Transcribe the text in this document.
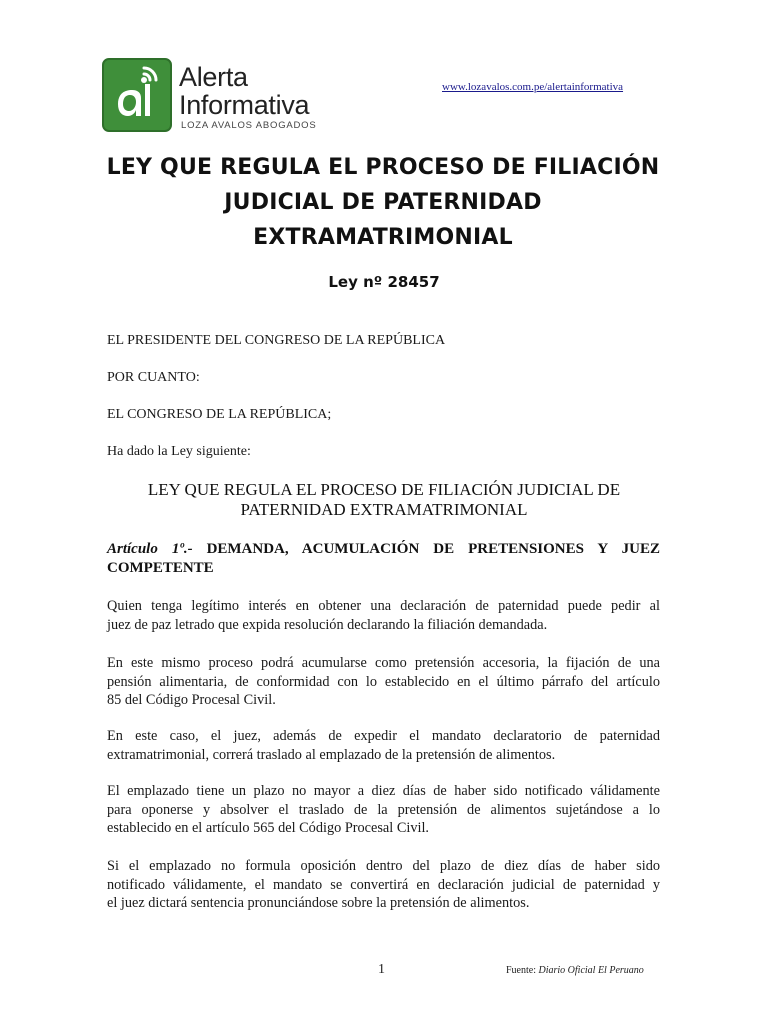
Alerta
Informativa
LOZA AVALOS ABOGADOS
www.lozavalos.com.pe/alertainformativa
LEY QUE REGULA EL PROCESO DE FILIACIÓN
JUDICIAL DE PATERNIDAD
EXTRAMATRIMONIAL
Ley nº 28457
EL PRESIDENTE DEL CONGRESO DE LA REPÚBLICA
POR CUANTO:
EL CONGRESO DE LA REPÚBLICA;
Ha dado la Ley siguiente:
LEY QUE REGULA EL PROCESO DE FILIACIÓN JUDICIAL DE
PATERNIDAD EXTRAMATRIMONIAL
Artículo 1º.- DEMANDA, ACUMULACIÓN DE PRETENSIONES Y JUEZ COMPETENTE
Quien tenga legítimo interés en obtener una declaración de paternidad puede pedir al
juez de paz letrado que expida resolución declarando la filiación demandada.
En este mismo proceso podrá acumularse como pretensión accesoria, la fijación de una
pensión alimentaria, de conformidad con lo establecido en el último párrafo del artículo
85 del Código Procesal Civil.
En este caso, el juez, además de expedir el mandato declaratorio de paternidad
extramatrimonial, correrá traslado al emplazado de la pretensión de alimentos.
El emplazado tiene un plazo no mayor a diez días de haber sido notificado válidamente
para oponerse y absolver el traslado de la pretensión de alimentos sujetándose a lo
establecido en el artículo 565 del Código Procesal Civil.
Si el emplazado no formula oposición dentro del plazo de diez días de haber sido
notificado válidamente, el mandato se convertirá en declaración judicial de paternidad y
el juez dictará sentencia pronunciándose sobre la pretensión de alimentos.
1	Fuente: Diario Oficial El Peruano
